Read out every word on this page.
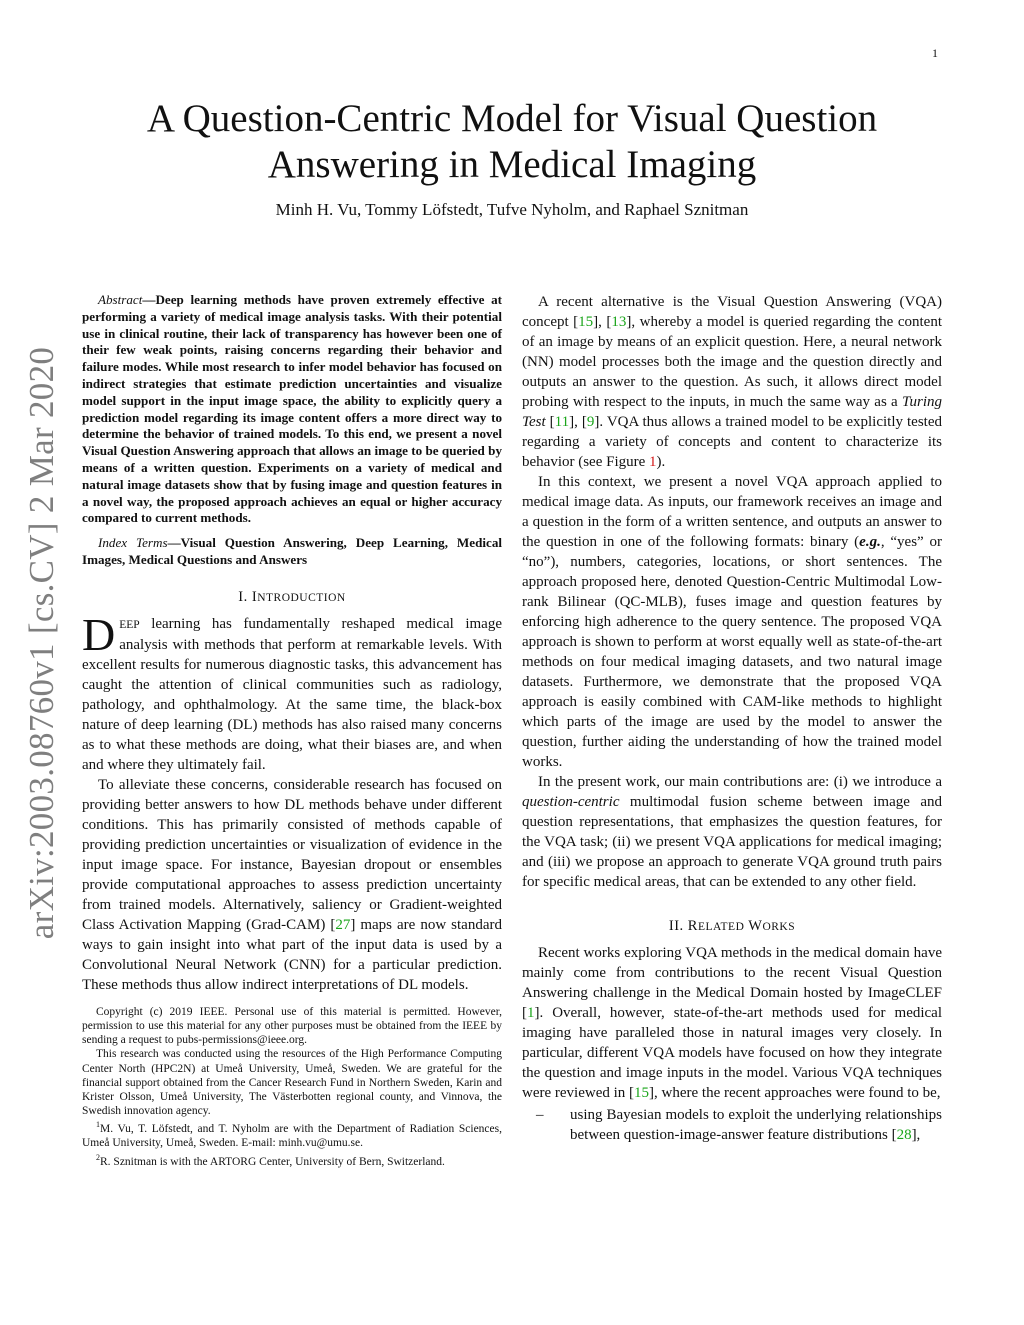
1
arXiv:2003.08760v1 [cs.CV] 2 Mar 2020
A Question-Centric Model for Visual Question
Answering in Medical Imaging
Minh H. Vu, Tommy Löfstedt, Tufve Nyholm, and Raphael Sznitman

Abstract—Deep learning methods have proven extremely effective at performing a variety of medical image analysis tasks. With their potential use in clinical routine, their lack of transparency has however been one of their few weak points, raising concerns regarding their behavior and failure modes. While most research to infer model behavior has focused on indirect strategies that estimate prediction uncertainties and visualize model support in the input image space, the ability to explicitly query a prediction model regarding its image content offers a more direct way to determine the behavior of trained models. To this end, we present a novel Visual Question Answering approach that allows an image to be queried by means of a written question. Experiments on a variety of medical and natural image datasets show that by fusing image and question features in a novel way, the proposed approach achieves an equal or higher accuracy compared to current methods.

Index Terms—Visual Question Answering, Deep Learning, Medical Images, Medical Questions and Answers

I. INTRODUCTION

DEEP learning has fundamentally reshaped medical image analysis with methods that perform at remarkable levels. With excellent results for numerous diagnostic tasks, this advancement has caught the attention of clinical communities such as radiology, pathology, and ophthalmology. At the same time, the black-box nature of deep learning (DL) methods has also raised many concerns as to what these methods are doing, what their biases are, and when and where they ultimately fail.

To alleviate these concerns, considerable research has focused on providing better answers to how DL methods behave under different conditions. This has primarily consisted of methods capable of providing prediction uncertainties or visualization of evidence in the input image space. For instance, Bayesian dropout or ensembles provide computational approaches to assess prediction uncertainty from trained models. Alternatively, saliency or Gradient-weighted Class Activation Mapping (Grad-CAM) [27] maps are now standard ways to gain insight into what part of the input data is used by a Convolutional Neural Network (CNN) for a particular prediction. These methods thus allow indirect interpretations of DL models.

Copyright (c) 2019 IEEE. Personal use of this material is permitted. However, permission to use this material for any other purposes must be obtained from the IEEE by sending a request to pubs-permissions@ieee.org.

This research was conducted using the resources of the High Performance Computing Center North (HPC2N) at Umeå University, Umeå, Sweden. We are grateful for the financial support obtained from the Cancer Research Fund in Northern Sweden, Karin and Krister Olsson, Umeå University, The Västerbotten regional county, and Vinnova, the Swedish innovation agency.

$^1$M. Vu, T. Löfstedt, and T. Nyholm are with the Department of Radiation Sciences, Umeå University, Umeå, Sweden. E-mail: minh.vu@umu.se.

$^2$R. Sznitman is with the ARTORG Center, University of Bern, Switzerland.

A recent alternative is the Visual Question Answering (VQA) concept [15], [13], whereby a model is queried regarding the content of an image by means of an explicit question. Here, a neural network (NN) model processes both the image and the question directly and outputs an answer to the question. As such, it allows direct model probing with respect to the inputs, in much the same way as a Turing Test [11], [9]. VQA thus allows a trained model to be explicitly tested regarding a variety of concepts and content to characterize its behavior (see Figure 1).

In this context, we present a novel VQA approach applied to medical image data. As inputs, our framework receives an image and a question in the form of a written sentence, and outputs an answer to the question in one of the following formats: binary (e.g., “yes” or “no”), numbers, categories, locations, or short sentences. The approach proposed here, denoted Question-Centric Multimodal Low-rank Bilinear (QC-MLB), fuses image and question features by enforcing high adherence to the query sentence. The proposed VQA approach is shown to perform at worst equally well as state-of-the-art methods on four medical imaging datasets, and two natural image datasets. Furthermore, we demonstrate that the proposed VQA approach is easily combined with CAM-like methods to highlight which parts of the image are used by the model to answer the question, further aiding the understanding of how the trained model works.

In the present work, our main contributions are: (i) we introduce a question-centric multimodal fusion scheme between image and question representations, that emphasizes the question features, for the VQA task; (ii) we present VQA applications for medical imaging; and (iii) we propose an approach to generate VQA ground truth pairs for specific medical areas, that can be extended to any other field.

II. RELATED WORKS

Recent works exploring VQA methods in the medical domain have mainly come from contributions to the recent Visual Question Answering challenge in the Medical Domain hosted by ImageCLEF [1]. Overall, however, state-of-the-art methods used for medical imaging have paralleled those in natural images very closely. In particular, different VQA models have focused on how they integrate the question and image inputs in the model. Various VQA techniques were reviewed in [15], where the recent approaches were found to be,

–	using Bayesian models to exploit the underlying relationships between question-image-answer feature distributions [28],
